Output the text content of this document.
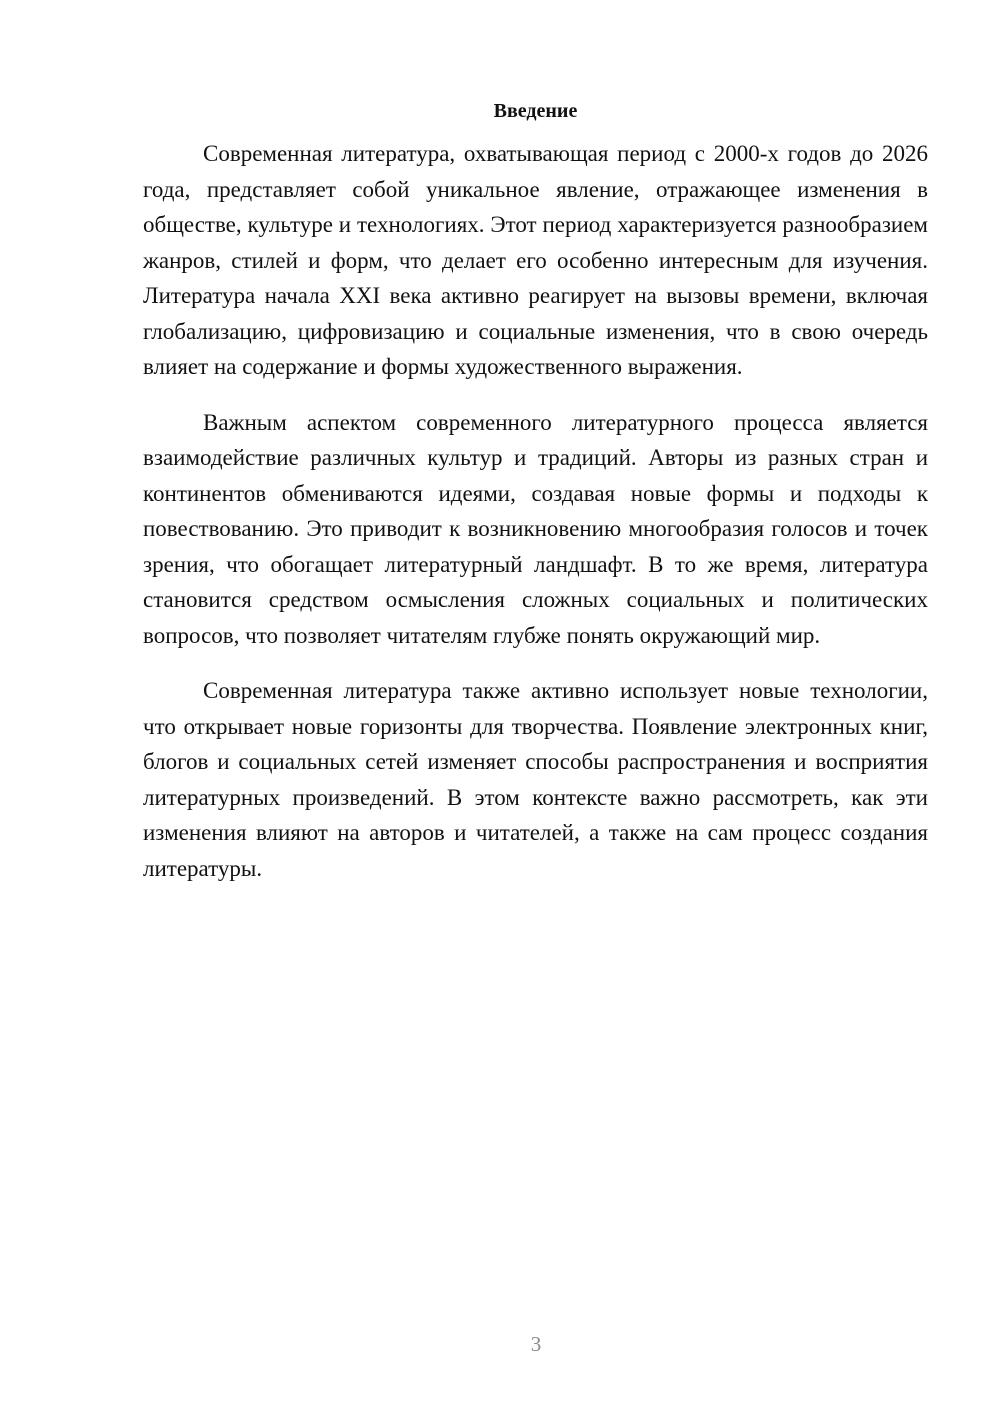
Введение

Современная литература, охватывающая период с 2000-х годов до 2026 года, представляет собой уникальное явление, отражающее изменения в обществе, культуре и технологиях. Этот период характеризуется разнообразием жанров, стилей и форм, что делает его особенно интересным для изучения. Литература начала XXI века активно реагирует на вызовы времени, включая глобализацию, цифровизацию и социальные изменения, что в свою очередь влияет на содержание и формы художественного выражения.

Важным аспектом современного литературного процесса является взаимодействие различных культур и традиций. Авторы из разных стран и континентов обмениваются идеями, создавая новые формы и подходы к повествованию. Это приводит к возникновению многообразия голосов и точек зрения, что обогащает литературный ландшафт. В то же время, литература становится средством осмысления сложных социальных и политических вопросов, что позволяет читателям глубже понять окружающий мир.

Современная литература также активно использует новые технологии, что открывает новые горизонты для творчества. Появление электронных книг, блогов и социальных сетей изменяет способы распространения и восприятия литературных произведений. В этом контексте важно рассмотреть, как эти изменения влияют на авторов и читателей, а также на сам процесс создания литературы.

3
